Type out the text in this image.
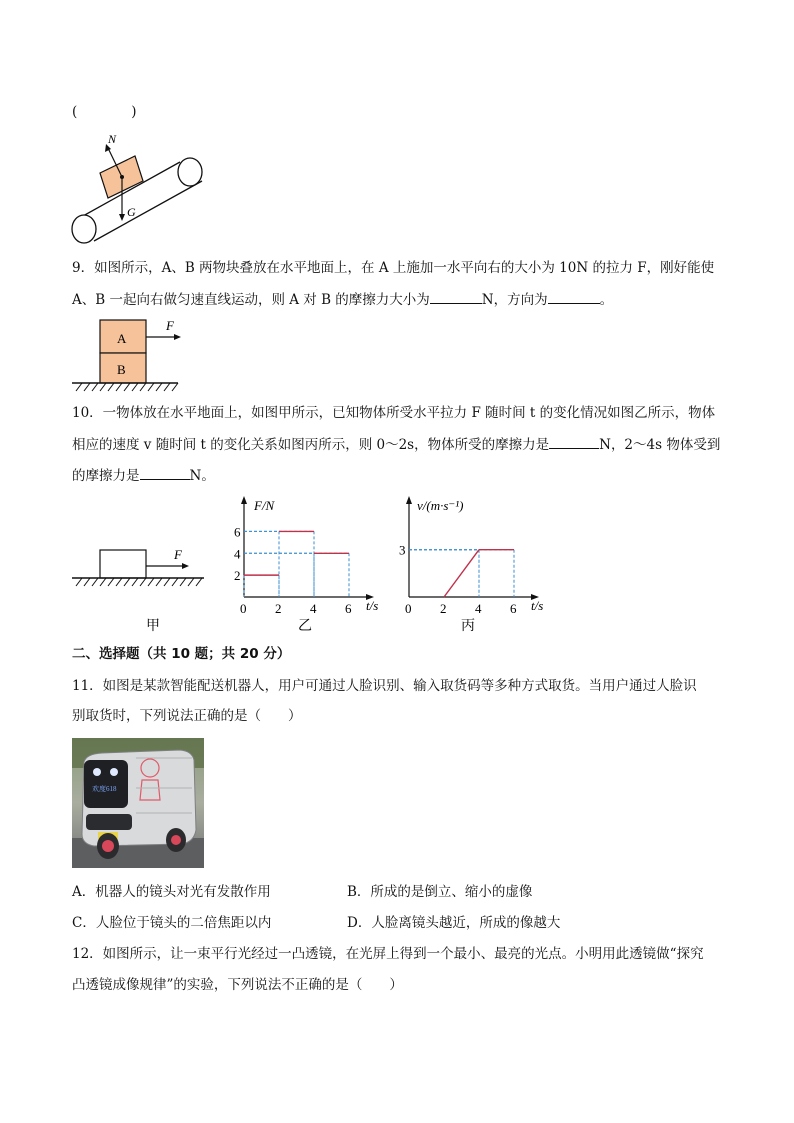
(　　　　)
N
G
9．如图所示，A、B 两物块叠放在水平地面上，在 A 上施加一水平向右的大小为 10N 的拉力 F，刚好能使
A、B 一起向右做匀速直线运动，则 A 对 B 的摩擦力大小为	N，方向为	。
A
B
F
10．一物体放在水平地面上，如图甲所示，已知物体所受水平拉力 F 随时间 t 的变化情况如图乙所示，物体
相应的速度 v 随时间 t 的变化关系如图丙所示，则 0～2s，物体所受的摩擦力是	N，2～4s 物体受到
的摩擦力是	N。
F
甲
F/N
t/s
2
4
6
0 2 4 6
乙
v/(m·s⁻¹)
t/s
3
0 2 4 6
丙
二、选择题（共 10 题；共 20 分）
11．如图是某款智能配送机器人，用户可通过人脸识别、输入取货码等多种方式取货。当用户通过人脸识
别取货时，下列说法正确的是（　　）
欢度618
A．机器人的镜头对光有发散作用	B．所成的是倒立、缩小的虚像
C．人脸位于镜头的二倍焦距以内	D．人脸离镜头越近，所成的像越大
12．如图所示，让一束平行光经过一凸透镜，在光屏上得到一个最小、最亮的光点。小明用此透镜做“探究
凸透镜成像规律”的实验，下列说法不正确的是（　　）
